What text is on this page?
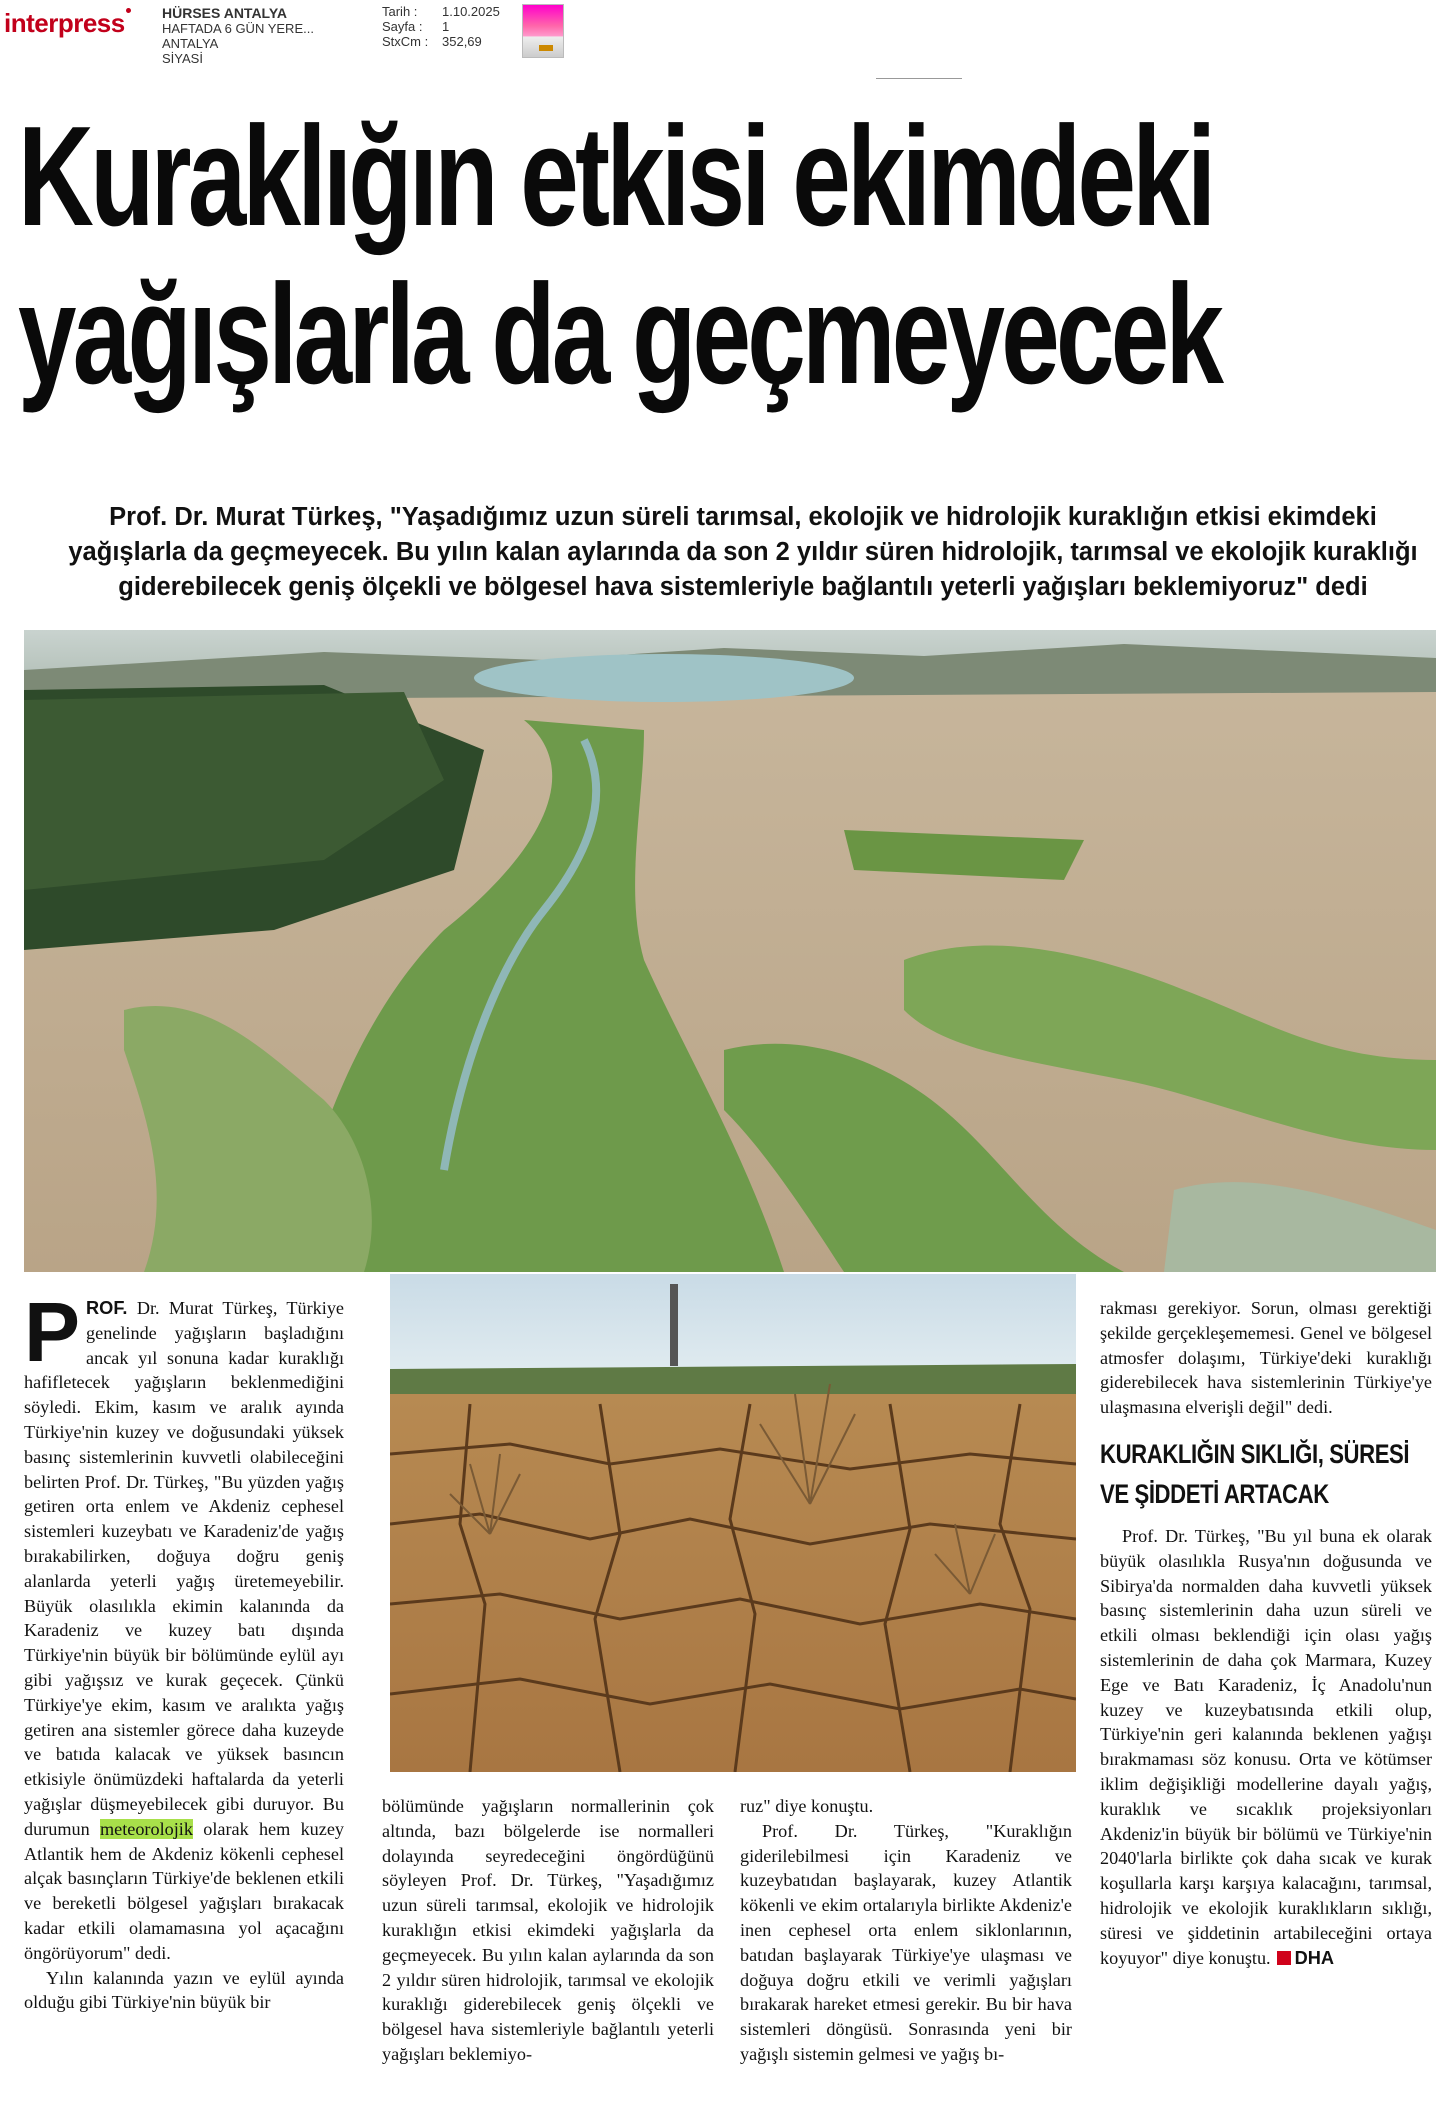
interpress	HÜRSES ANTALYA
HAFTADA 6 GÜN YERE...
ANTALYA
SİYASİ
Tarih : 1.10.2025
Sayfa : 1
StxCm : 352,69
Kuraklığın etkisi ekimdeki
yağışlarla da geçmeyecek
Prof. Dr. Murat Türkeş, "Yaşadığımız uzun süreli tarımsal, ekolojik ve hidrolojik kuraklığın etkisi ekimdeki yağışlarla da geçmeyecek. Bu yılın kalan aylarında da son 2 yıldır süren hidrolojik, tarımsal ve ekolojik kuraklığı giderebilecek geniş ölçekli ve bölgesel hava sistemleriyle bağlantılı yeterli yağışları beklemiyoruz" dedi

PROF. Dr. Murat Türkeş, Türkiye genelinde yağışların başladığını ancak yıl sonuna kadar kuraklığı hafifletecek yağışların beklenmediğini söyledi. Ekim, kasım ve aralık ayında Türkiye'nin kuzey ve doğusundaki yüksek basınç sistemlerinin kuvvetli olabileceğini belirten Prof. Dr. Türkeş, "Bu yüzden yağış getiren orta enlem ve Akdeniz cephesel sistemleri kuzeybatı ve Karadeniz'de yağış bırakabilirken, doğuya doğru geniş alanlarda yeterli yağış üretemeyebilir. Büyük olasılıkla ekimin kalanında da Karadeniz ve kuzey batı dışında Türkiye'nin büyük bir bölümünde eylül ayı gibi yağışsız ve kurak geçecek. Çünkü Türkiye'ye ekim, kasım ve aralıkta yağış getiren ana sistemler görece daha kuzeyde ve batıda kalacak ve yüksek basıncın etkisiyle önümüzdeki haftalarda da yeterli yağışlar düşmeyebilecek gibi duruyor. Bu durumun meteorolojik olarak hem kuzey Atlantik hem de Akdeniz kökenli cephesel alçak basınçların Türkiye'de beklenen etkili ve bereketli bölgesel yağışları bırakacak kadar etkili olamamasına yol açacağını öngörüyorum" dedi.

Yılın kalanında yazın ve eylül ayında olduğu gibi Türkiye'nin büyük bir

bölümünde yağışların normallerinin çok altında, bazı bölgelerde ise normalleri dolayında seyredeceğini öngördüğünü söyleyen Prof. Dr. Türkeş, "Yaşadığımız uzun süreli tarımsal, ekolojik ve hidrolojik kuraklığın etkisi ekimdeki yağışlarla da geçmeyecek. Bu yılın kalan aylarında da son 2 yıldır süren hidrolojik, tarımsal ve ekolojik kuraklığı giderebilecek geniş ölçekli ve bölgesel hava sistemleriyle bağlantılı yeterli yağışları beklemiyo-

ruz" diye konuştu.

Prof. Dr. Türkeş, "Kuraklığın giderilebilmesi için Karadeniz ve kuzeybatıdan başlayarak, kuzey Atlantik kökenli ve ekim ortalarıyla birlikte Akdeniz'e inen cephesel orta enlem siklonlarının, batıdan başlayarak Türkiye'ye ulaşması ve doğuya doğru etkili ve verimli yağışları bırakarak hareket etmesi gerekir. Bu bir hava sistemleri döngüsü. Sonrasında yeni bir yağışlı sistemin gelmesi ve yağış bı-

rakması gerekiyor. Sorun, olması gerektiği şekilde gerçekleşememesi. Genel ve bölgesel atmosfer dolaşımı, Türkiye'deki kuraklığı giderebilecek hava sistemlerinin Türkiye'ye ulaşmasına elverişli değil" dedi.

KURAKLIĞIN SIKLIĞI, SÜRESİ
VE ŞİDDETİ ARTACAK

Prof. Dr. Türkeş, "Bu yıl buna ek olarak büyük olasılıkla Rusya'nın doğusunda ve Sibirya'da normalden daha kuvvetli yüksek basınç sistemlerinin daha uzun süreli ve etkili olması beklendiği için olası yağış sistemlerinin de daha çok Marmara, Kuzey Ege ve Batı Karadeniz, İç Anadolu'nun kuzey ve kuzeybatısında etkili olup, Türkiye'nin geri kalanında beklenen yağışı bırakmaması söz konusu. Orta ve kötümser iklim değişikliği modellerine dayalı yağış, kuraklık ve sıcaklık projeksiyonları Akdeniz'in büyük bir bölümü ve Türkiye'nin 2040'larla birlikte çok daha sıcak ve kurak koşullarla karşı karşıya kalacağını, tarımsal, hidrolojik ve ekolojik kuraklıkların sıklığı, süresi ve şiddetinin artabileceğini ortaya koyuyor" diye konuştu. DHA
